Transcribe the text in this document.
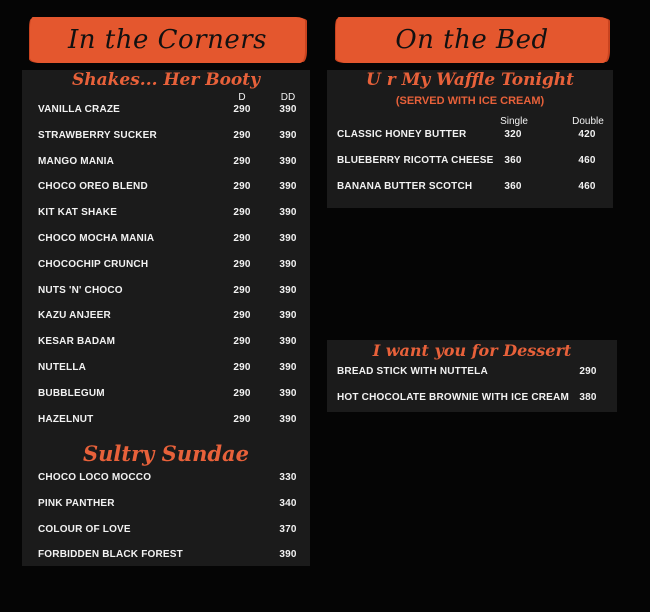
In the Corners
Shakes... Her Booty
D	DD
VANILLA CRAZE	290	390
STRAWBERRY SUCKER	290	390
MANGO MANIA	290	390
CHOCO OREO BLEND	290	390
KIT KAT SHAKE	290	390
CHOCO MOCHA MANIA	290	390
CHOCOCHIP CRUNCH	290	390
NUTS 'N' CHOCO	290	390
KAZU ANJEER	290	390
KESAR BADAM	290	390
NUTELLA	290	390
BUBBLEGUM	290	390
HAZELNUT	290	390
Sultry Sundae
CHOCO LOCO MOCCO	330
PINK PANTHER	340
COLOUR OF LOVE	370
FORBIDDEN BLACK FOREST	390
On the Bed
U r My Waffle Tonight
(SERVED WITH ICE CREAM)
Single	Double
CLASSIC HONEY BUTTER	320	420
BLUEBERRY RICOTTA CHEESE	360	460
BANANA BUTTER SCOTCH	360	460
I want you for Dessert
BREAD STICK WITH NUTTELA	290
HOT CHOCOLATE BROWNIE WITH ICE CREAM	380
